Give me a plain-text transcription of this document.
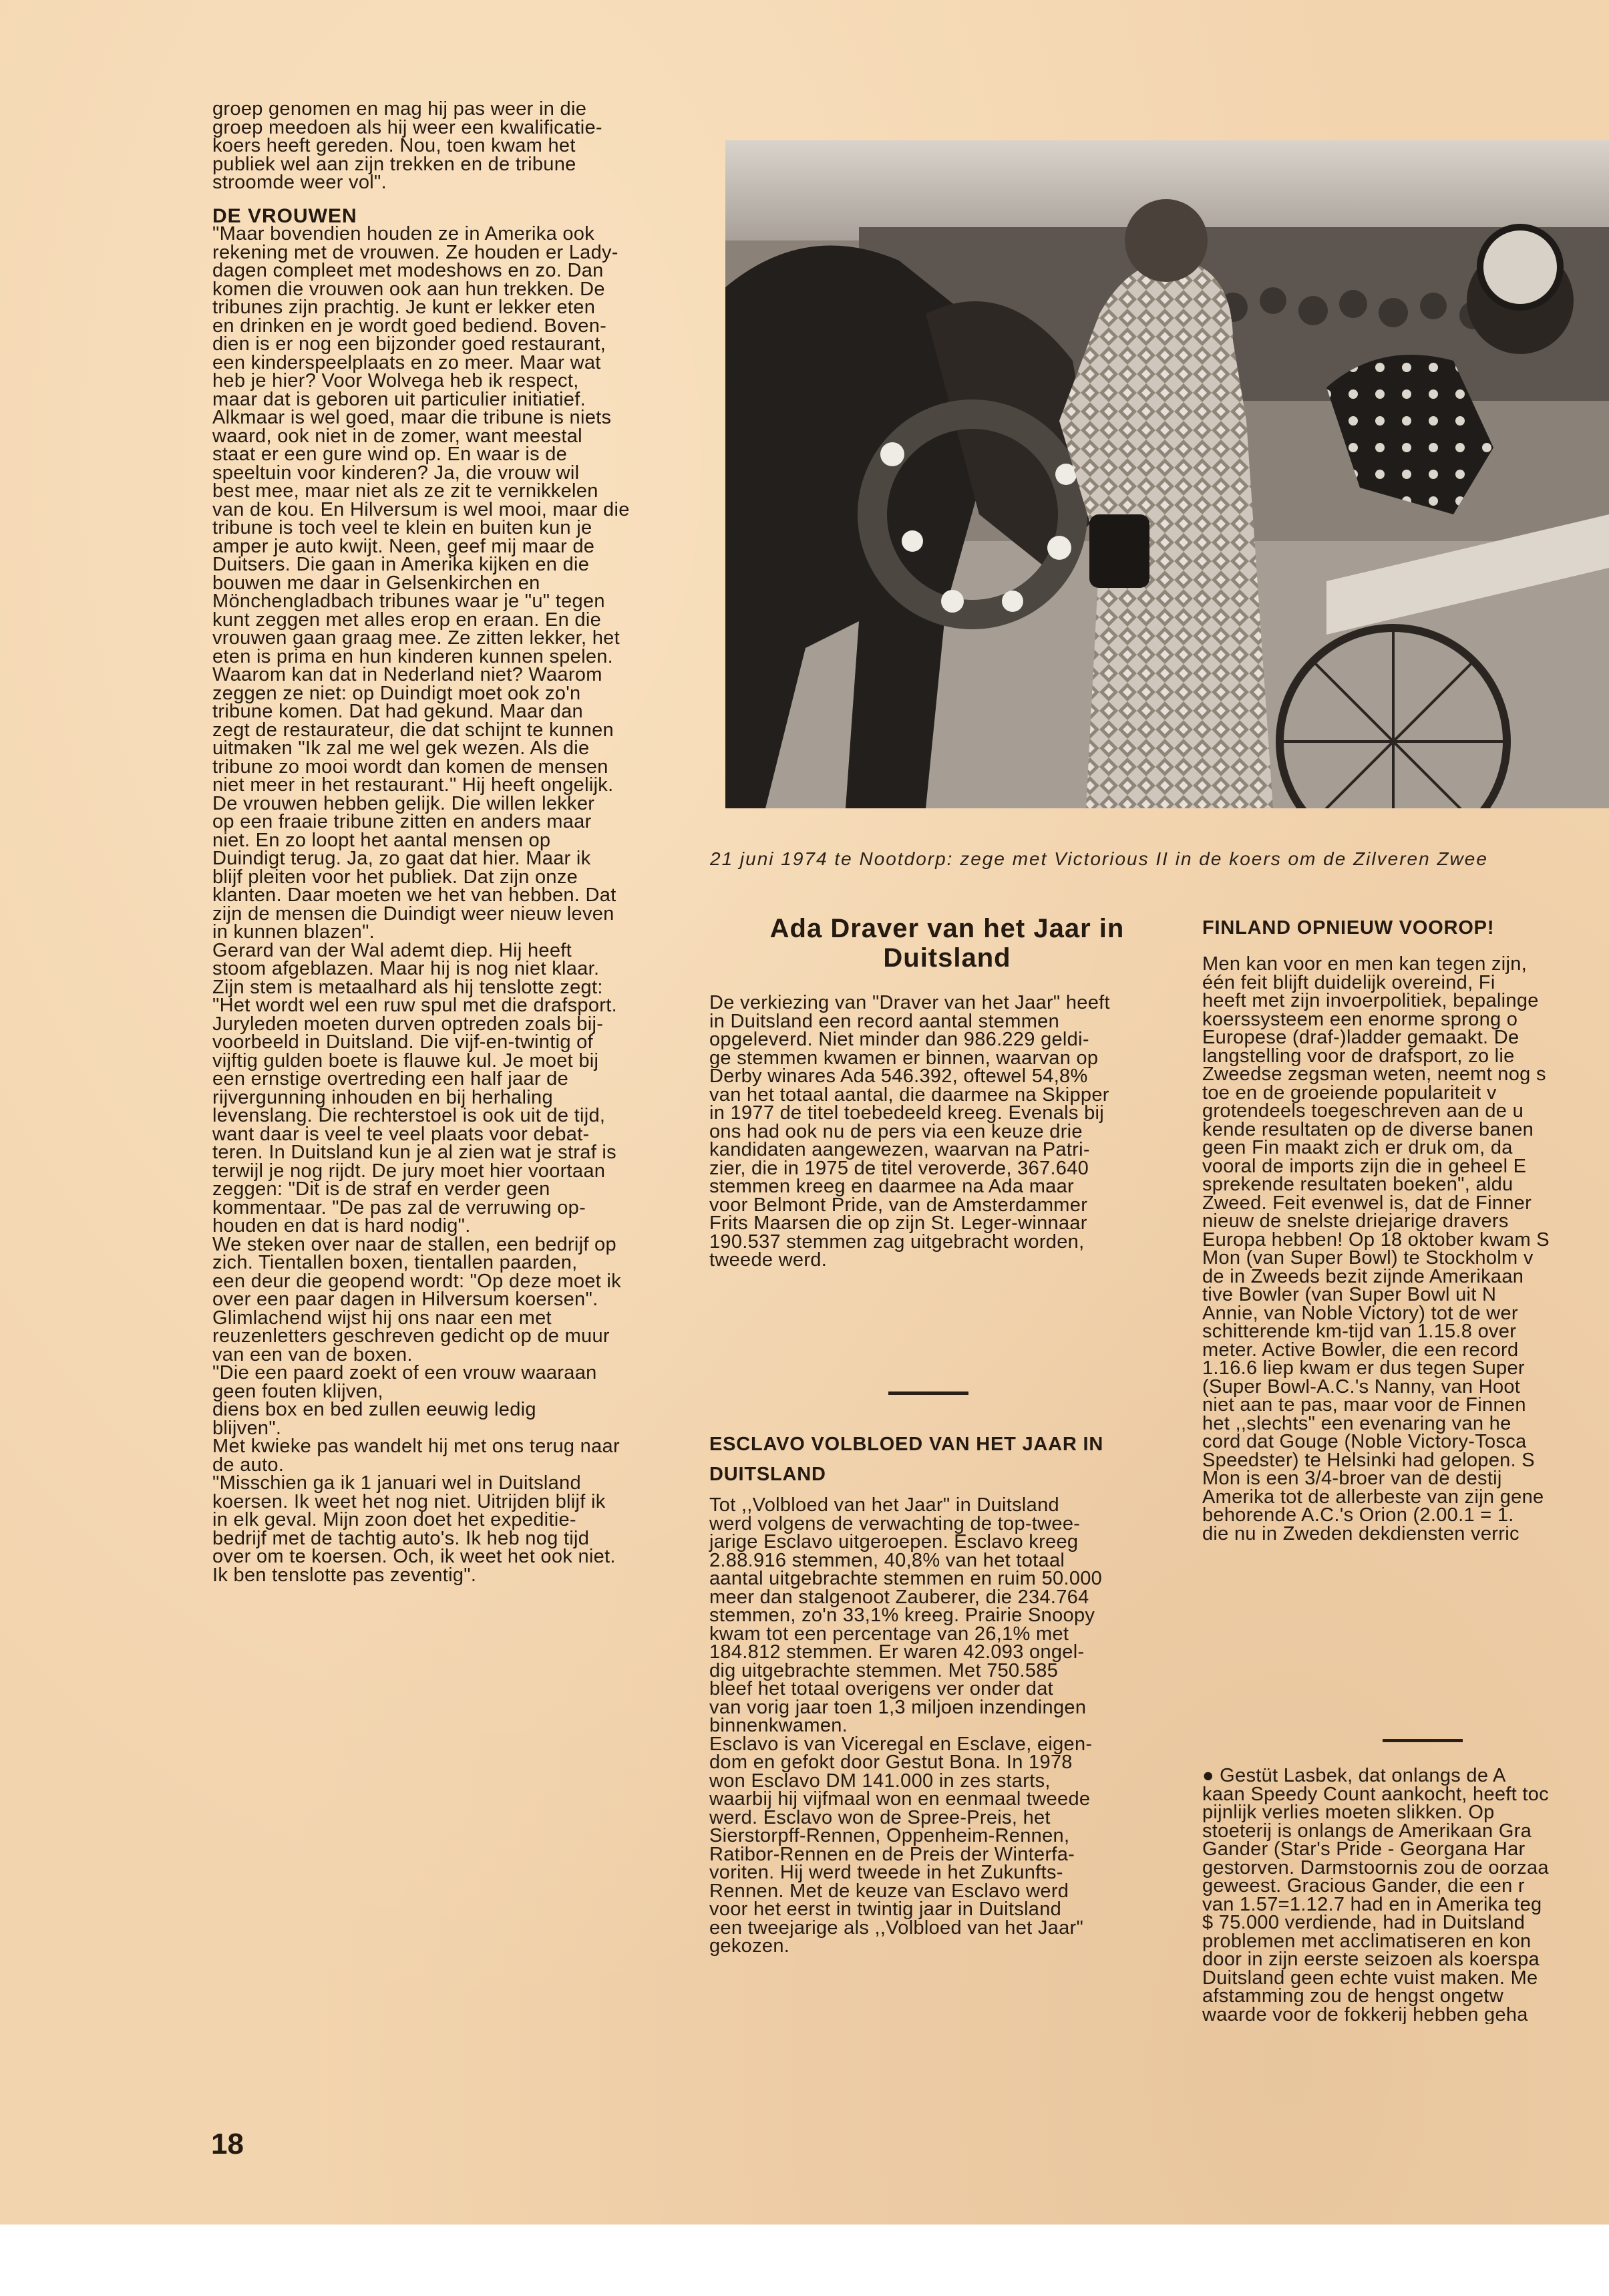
groep genomen en mag hij pas weer in die
groep meedoen als hij weer een kwalificatie-
koers heeft gereden. Nou, toen kwam het
publiek wel aan zijn trekken en de tribune
stroomde weer vol".
DE VROUWEN
"Maar bovendien houden ze in Amerika ook
rekening met de vrouwen. Ze houden er Lady-
dagen compleet met modeshows en zo. Dan
komen die vrouwen ook aan hun trekken. De
tribunes zijn prachtig. Je kunt er lekker eten
en drinken en je wordt goed bediend. Boven-
dien is er nog een bijzonder goed restaurant,
een kinderspeelplaats en zo meer. Maar wat
heb je hier? Voor Wolvega heb ik respect,
maar dat is geboren uit particulier initiatief.
Alkmaar is wel goed, maar die tribune is niets
waard, ook niet in de zomer, want meestal
staat er een gure wind op. En waar is de
speeltuin voor kinderen? Ja, die vrouw wil
best mee, maar niet als ze zit te vernikkelen
van de kou. En Hilversum is wel mooi, maar die
tribune is toch veel te klein en buiten kun je
amper je auto kwijt. Neen, geef mij maar de
Duitsers. Die gaan in Amerika kijken en die
bouwen me daar in Gelsenkirchen en
Mönchengladbach tribunes waar je "u" tegen
kunt zeggen met alles erop en eraan. En die
vrouwen gaan graag mee. Ze zitten lekker, het
eten is prima en hun kinderen kunnen spelen.
Waarom kan dat in Nederland niet? Waarom
zeggen ze niet: op Duindigt moet ook zo'n
tribune komen. Dat had gekund. Maar dan
zegt de restaurateur, die dat schijnt te kunnen
uitmaken "Ik zal me wel gek wezen. Als die
tribune zo mooi wordt dan komen de mensen
niet meer in het restaurant." Hij heeft ongelijk.
De vrouwen hebben gelijk. Die willen lekker
op een fraaie tribune zitten en anders maar
niet. En zo loopt het aantal mensen op
Duindigt terug. Ja, zo gaat dat hier. Maar ik
blijf pleiten voor het publiek. Dat zijn onze
klanten. Daar moeten we het van hebben. Dat
zijn de mensen die Duindigt weer nieuw leven
in kunnen blazen".
Gerard van der Wal ademt diep. Hij heeft
stoom afgeblazen. Maar hij is nog niet klaar.
Zijn stem is metaalhard als hij tenslotte zegt:
"Het wordt wel een ruw spul met die drafsport.
Juryleden moeten durven optreden zoals bij-
voorbeeld in Duitsland. Die vijf-en-twintig of
vijftig gulden boete is flauwe kul. Je moet bij
een ernstige overtreding een half jaar de
rijvergunning inhouden en bij herhaling
levenslang. Die rechterstoel is ook uit de tijd,
want daar is veel te veel plaats voor debat-
teren. In Duitsland kun je al zien wat je straf is
terwijl je nog rijdt. De jury moet hier voortaan
zeggen: "Dit is de straf en verder geen
kommentaar. "De pas zal de verruwing op-
houden en dat is hard nodig".
We steken over naar de stallen, een bedrijf op
zich. Tientallen boxen, tientallen paarden,
een deur die geopend wordt: "Op deze moet ik
over een paar dagen in Hilversum koersen".
Glimlachend wijst hij ons naar een met
reuzenletters geschreven gedicht op de muur
van een van de boxen.
"Die een paard zoekt of een vrouw waaraan
geen fouten klijven,
diens box en bed zullen eeuwig ledig
blijven".
Met kwieke pas wandelt hij met ons terug naar
de auto.
"Misschien ga ik 1 januari wel in Duitsland
koersen. Ik weet het nog niet. Uitrijden blijf ik
in elk geval. Mijn zoon doet het expeditie-
bedrijf met de tachtig auto's. Ik heb nog tijd
over om te koersen. Och, ik weet het ook niet.
Ik ben tenslotte pas zeventig".
21 juni 1974 te Nootdorp: zege met Victorious II in de koers om de Zilveren Zwee
Ada Draver van het Jaar in Duitsland
De verkiezing van "Draver van het Jaar" heeft
in Duitsland een record aantal stemmen
opgeleverd. Niet minder dan 986.229 geldi-
ge stemmen kwamen er binnen, waarvan op
Derby winares Ada 546.392, oftewel 54,8%
van het totaal aantal, die daarmee na Skipper
in 1977 de titel toebedeeld kreeg. Evenals bij
ons had ook nu de pers via een keuze drie
kandidaten aangewezen, waarvan na Patri-
zier, die in 1975 de titel veroverde, 367.640
stemmen kreeg en daarmee na Ada maar
voor Belmont Pride, van de Amsterdammer
Frits Maarsen die op zijn St. Leger-winnaar
190.537 stemmen zag uitgebracht worden,
tweede werd.
ESCLAVO VOLBLOED VAN HET JAAR IN DUITSLAND
Tot ,,Volbloed van het Jaar" in Duitsland
werd volgens de verwachting de top-twee-
jarige Esclavo uitgeroepen. Esclavo kreeg
2.88.916 stemmen, 40,8% van het totaal
aantal uitgebrachte stemmen en ruim 50.000
meer dan stalgenoot Zauberer, die 234.764
stemmen, zo'n 33,1% kreeg. Prairie Snoopy
kwam tot een percentage van 26,1% met
184.812 stemmen. Er waren 42.093 ongel-
dig uitgebrachte stemmen. Met 750.585
bleef het totaal overigens ver onder dat
van vorig jaar toen 1,3 miljoen inzendingen
binnenkwamen.
Esclavo is van Viceregal en Esclave, eigen-
dom en gefokt door Gestut Bona. In 1978
won Esclavo DM 141.000 in zes starts,
waarbij hij vijfmaal won en eenmaal tweede
werd. Esclavo won de Spree-Preis, het
Sierstorpff-Rennen, Oppenheim-Rennen,
Ratibor-Rennen en de Preis der Winterfa-
voriten. Hij werd tweede in het Zukunfts-
Rennen. Met de keuze van Esclavo werd
voor het eerst in twintig jaar in Duitsland
een tweejarige als ,,Volbloed van het Jaar"
gekozen.
FINLAND OPNIEUW VOOROP!
Men kan voor en men kan tegen zijn,
één feit blijft duidelijk overeind, Fi
heeft met zijn invoerpolitiek, bepalinge
koerssysteem een enorme sprong o
Europese (draf-)ladder gemaakt. De
langstelling voor de drafsport, zo lie
Zweedse zegsman weten, neemt nog s
toe en de groeiende populariteit v
grotendeels toegeschreven aan de u
kende resultaten op de diverse banen
geen Fin maakt zich er druk om, da
vooral de imports zijn die in geheel E
sprekende resultaten boeken", aldu
Zweed. Feit evenwel is, dat de Finner
nieuw de snelste driejarige dravers
Europa hebben! Op 18 oktober kwam S
Mon (van Super Bowl) te Stockholm v
de in Zweeds bezit zijnde Amerikaan
tive Bowler (van Super Bowl uit N
Annie, van Noble Victory) tot de wer
schitterende km-tijd van 1.15.8 over
meter. Active Bowler, die een record
1.16.6 liep kwam er dus tegen Super
(Super Bowl-A.C.'s Nanny, van Hoot
niet aan te pas, maar voor de Finnen
het ,,slechts" een evenaring van he
cord dat Gouge (Noble Victory-Tosca
Speedster) te Helsinki had gelopen. S
Mon is een 3/4-broer van de destij
Amerika tot de allerbeste van zijn gene
behorende A.C.'s Orion (2.00.1 = 1.
die nu in Zweden dekdiensten verric
● Gestüt Lasbek, dat onlangs de A
kaan Speedy Count aankocht, heeft toc
pijnlijk verlies moeten slikken. Op
stoeterij is onlangs de Amerikaan Gra
Gander (Star's Pride - Georgana Har
gestorven. Darmstoornis zou de oorzaa
geweest. Gracious Gander, die een r
van 1.57=1.12.7 had en in Amerika teg
$ 75.000 verdiende, had in Duitsland
problemen met acclimatiseren en kon
door in zijn eerste seizoen als koerspa
Duitsland geen echte vuist maken. Me
afstamming zou de hengst ongetw
waarde voor de fokkerij hebben geha
18
